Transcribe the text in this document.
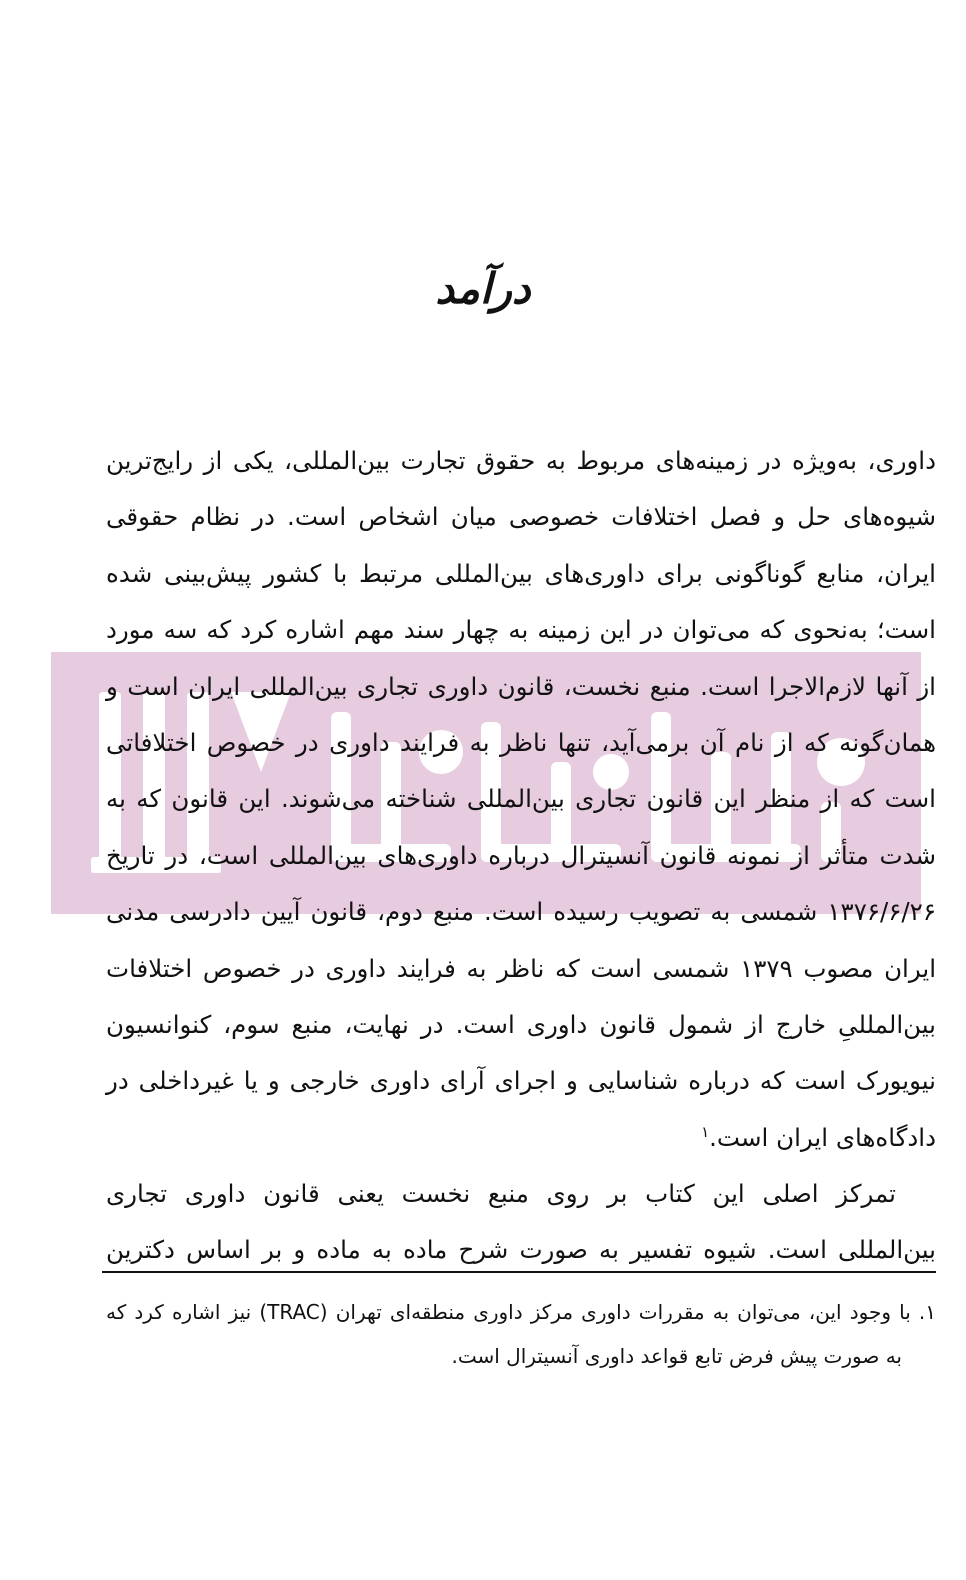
درآمد
داوری، به‌ویژه در زمینه‌های مربوط به حقوق تجارت بین‌المللی، یکی از رایج‌ترین
شیوه‌های حل و فصل اختلافات خصوصی میان اشخاص است. در نظام حقوقی
ایران، منابع گوناگونی برای داوری‌های بین‌المللی مرتبط با کشور پیش‌بینی شده
است؛ به‌نحوی که می‌توان در این زمینه به چهار سند مهم اشاره کرد که سه مورد
از آنها لازم‌الاجرا است. منبع نخست، قانون داوری تجاری بین‌المللی ایران است و
همان‌گونه که از نام آن برمی‌آید، تنها ناظر به فرایند داوری در خصوص اختلافاتی
است که از منظر این قانون تجاری بین‌المللی شناخته می‌شوند. این قانون که به
شدت متأثر از نمونه قانون آنسیترال درباره داوری‌های بین‌المللی است، در تاریخ
۱۳۷۶/۶/۲۶ شمسی به تصویب رسیده است. منبع دوم، قانون آیین دادرسی مدنی
ایران مصوب ۱۳۷۹ شمسی است که ناظر به فرایند داوری در خصوص اختلافات
بین‌المللیِ خارج از شمول قانون داوری است. در نهایت، منبع سوم، کنوانسیون
نیویورک است که درباره شناسایی و اجرای آرای داوری خارجی و یا غیرداخلی در
دادگاه‌های ایران است.$^۱$
تمرکز اصلی این کتاب بر روی منبع نخست یعنی قانون داوری تجاری
بین‌المللی است. شیوه تفسیر به صورت شرح ماده به ماده و بر اساس دکترین
۱. با وجود این، می‌توان به مقررات داوری مرکز داوری منطقه‌ای تهران (TRAC) نیز اشاره کرد که
به صورت پیش فرض تابع قواعد داوری آنسیترال است.
